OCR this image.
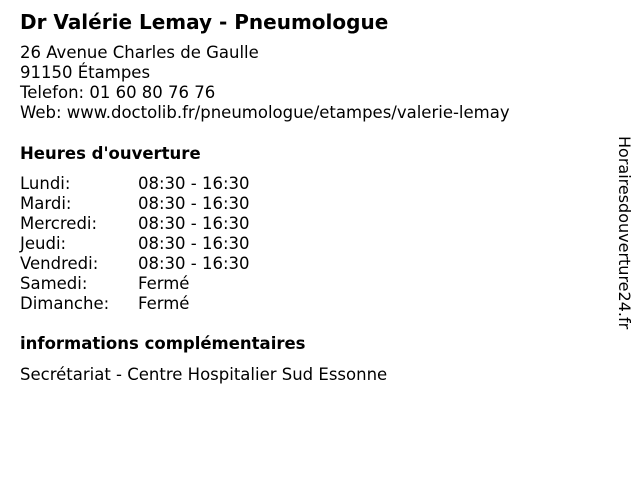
Dr Valérie Lemay - Pneumologue
26 Avenue Charles de Gaulle
91150 Étampes
Telefon: 01 60 80 76 76
Web: www.doctolib.fr/pneumologue/etampes/valerie-lemay
Heures d'ouverture
Lundi:	08:30 - 16:30
Mardi:	08:30 - 16:30
Mercredi: 08:30 - 16:30
Jeudi:	08:30 - 16:30
Vendredi: 08:30 - 16:30
Samedi:	Fermé
Dimanche: Fermé
informations complémentaires
Secrétariat - Centre Hospitalier Sud Essonne
Horairesdouverture24.fr
